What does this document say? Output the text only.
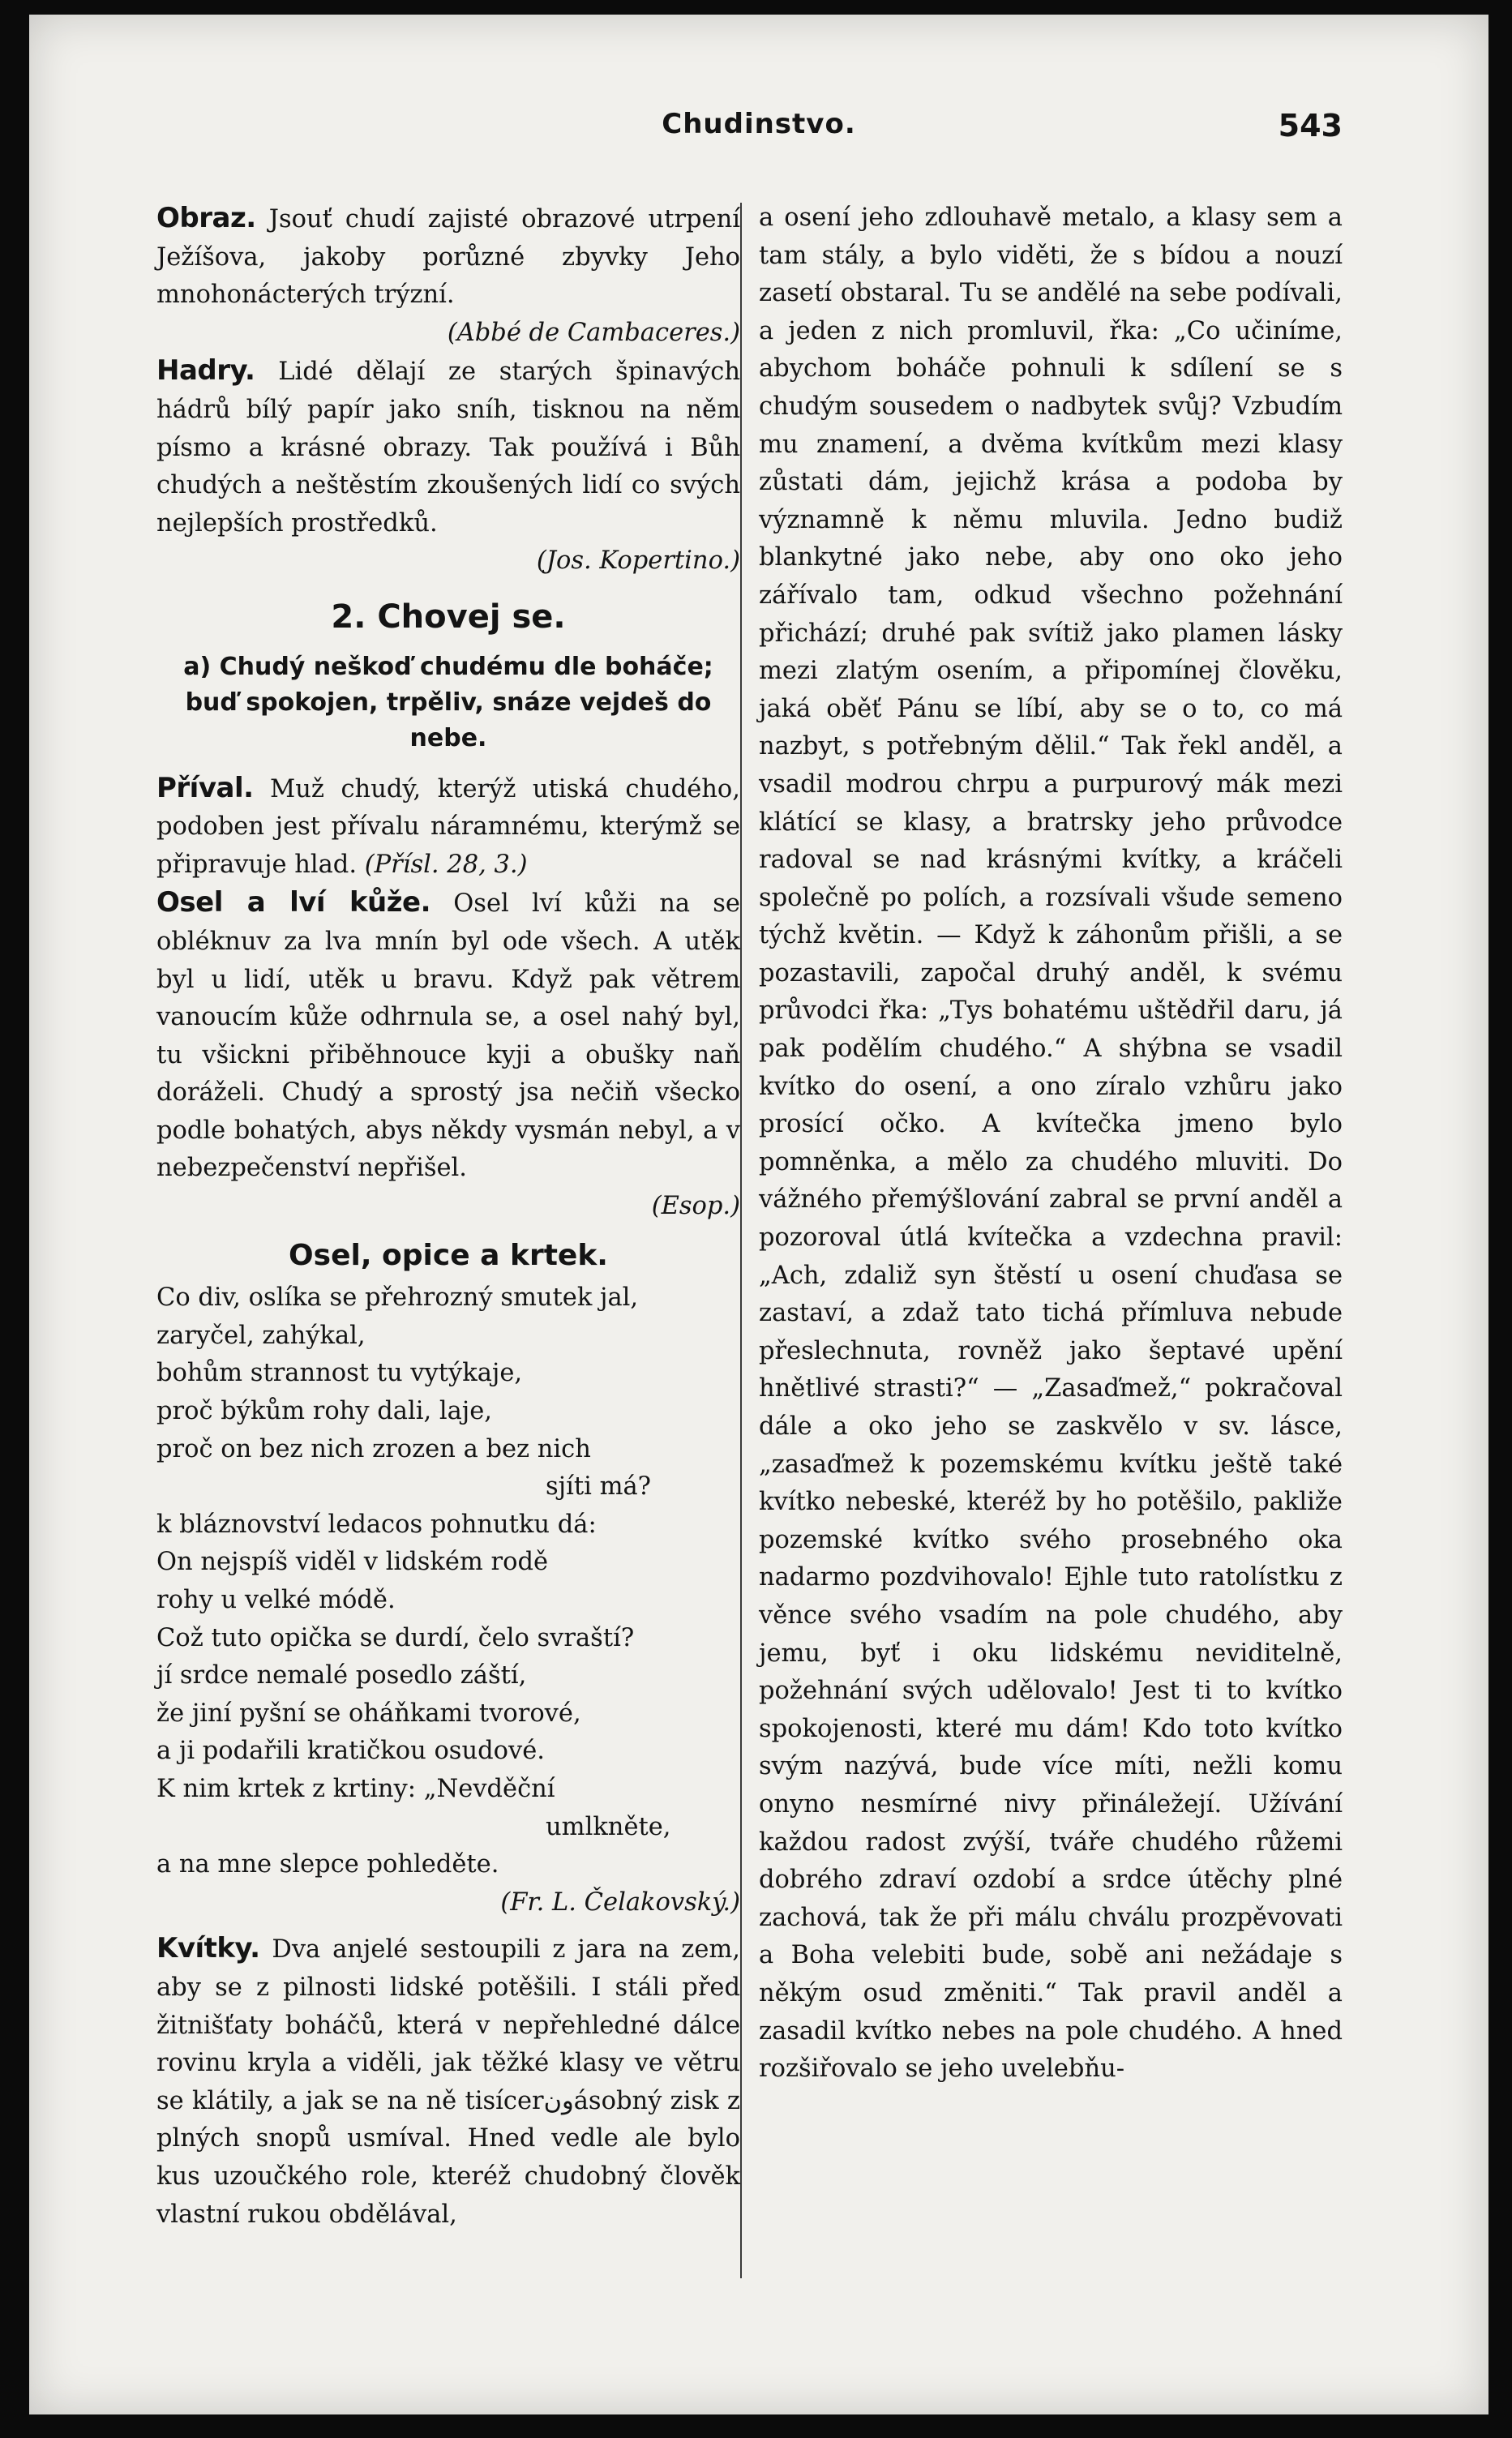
Chudinstvo.	543

Obraz. Jsouť chudí zajisté obrazové utrpení Ježíšova, jakoby porůzné zbyvky Jeho mnohonácterých trýzní.

(Abbé de Cambaceres.)

Hadry. Lidé dělají ze starých špinavých hádrů bílý papír jako sníh, tisknou na něm písmo a krásné obrazy. Tak používá i Bůh chudých a neštěstím zkoušených lidí co svých nejlepších prostředků.

(Jos. Kopertino.)

2. Chovej se.
a) Chudý neškoď chudému dle boháče; buď spokojen, trpěliv, snáze vejdeš do nebe.

Příval. Muž chudý, kterýž utiská chudého, podoben jest přívalu náramnému, kterýmž se připravuje hlad. (Přísl. 28, 3.)

Osel a lví kůže. Osel lví kůži na se obléknuv za lva mnín byl ode všech. A utěk byl u lidí, utěk u bravu. Když pak větrem vanoucím kůže odhrnula se, a osel nahý byl, tu všickni přiběhnouce kyji a obušky naň doráželi. Chudý a sprostý jsa nečiň všecko podle bohatých, abys někdy vysmán nebyl, a v nebezpečenství nepřišel.

(Esop.)

Osel, opice a krtek.
Co div, oslíka se přehrozný smutek jal,
zaryčel, zahýkal,
bohům strannost tu vytýkaje,
proč býkům rohy dali, laje,
proč on bez nich zrozen a bez nich
sjíti má?
k bláznovství ledacos pohnutku dá:
On nejspíš viděl v lidském rodě
rohy u velké módě.
Což tuto opička se durdí, čelo svraští?
jí srdce nemalé posedlo záští,
že jiní pyšní se oháňkami tvorové,
a ji podařili kratičkou osudové.
K nim krtek z krtiny: „Nevděční
umlkněte,
a na mne slepce pohleděte.

(Fr. L. Čelakovský.)

Kvítky. Dva anjelé sestoupili z jara na zem, aby se z pilnosti lidské potěšili. I stáli před žitnišťaty boháčů, která v nepřehledné dálce rovinu kryla a viděli, jak těžké klasy ve větru se klátily, a jak se na ně tisícerونásobný zisk z plných snopů usmíval. Hned vedle ale bylo kus uzoučkého role, kteréž chudobný člověk vlastní rukou obdělával,

a osení jeho zdlouhavě metalo, a klasy sem a tam stály, a bylo viděti, že s bídou a nouzí zasetí obstaral. Tu se andělé na sebe podívali, a jeden z nich promluvil, řka: „Co učiníme, abychom boháče pohnuli k sdílení se s chudým sousedem o nadbytek svůj? Vzbudím mu znamení, a dvěma kvítkům mezi klasy zůstati dám, jejichž krása a podoba by významně k němu mluvila. Jedno budiž blankytné jako nebe, aby ono oko jeho zářívalo tam, odkud všechno požehnání přichází; druhé pak svítiž jako plamen lásky mezi zlatým osením, a připomínej člověku, jaká oběť Pánu se líbí, aby se o to, co má nazbyt, s potřebným dělil.“ Tak řekl anděl, a vsadil modrou chrpu a purpurový mák mezi klátící se klasy, a bratrsky jeho průvodce radoval se nad krásnými kvítky, a kráčeli společně po polích, a rozsívali všude semeno týchž květin. — Když k záhonům přišli, a se pozastavili, započal druhý anděl, k svému průvodci řka: „Tys bohatému uštědřil daru, já pak podělím chudého.“ A shýbna se vsadil kvítko do osení, a ono zíralo vzhůru jako prosící očko. A kvítečka jmeno bylo pomněnka, a mělo za chudého mluviti. Do vážného přemýšlování zabral se první anděl a pozoroval útlá kvítečka a vzdechna pravil: „Ach, zdaliž syn štěstí u osení chuďasa se zastaví, a zdaž tato tichá přímluva nebude přeslechnuta, rovněž jako šeptavé upění hnětlivé strasti?“ — „Zasaďmež,“ pokračoval dále a oko jeho se zaskvělo v sv. lásce, „zasaďmež k pozemskému kvítku ještě také kvítko nebeské, kteréž by ho potěšilo, pakliže pozemské kvítko svého prosebného oka nadarmo pozdvihovalo! Ejhle tuto ratolístku z věnce svého vsadím na pole chudého, aby jemu, byť i oku lidskému neviditelně, požehnání svých udělovalo! Jest ti to kvítko spokojenosti, které mu dám! Kdo toto kvítko svým nazývá, bude více míti, nežli komu onyno nesmírné nivy přináležejí. Užívání každou radost zvýší, tváře chudého růžemi dobrého zdraví ozdobí a srdce útěchy plné zachová, tak že při málu chválu prozpěvovati a Boha velebiti bude, sobě ani nežádaje s někým osud změniti.“ Tak pravil anděl a zasadil kvítko nebes na pole chudého. A hned rozšiřovalo se jeho uvelebňu-
